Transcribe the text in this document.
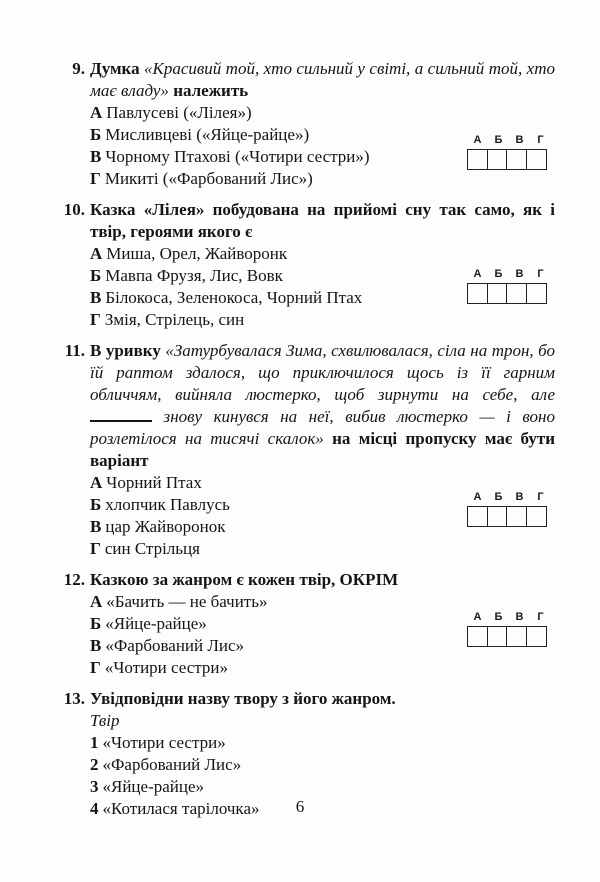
9. Думка «Красивий той, хто сильний у світі, а сильний той, хто має владу» належить

А Павлусеві («Лілея»)
Б Мисливцеві («Яйце-райце»)
В Чорному Птахові («Чотири сестри»)
Г Микиті («Фарбований Лис»)
10. Казка «Лілея» побудована на прийомі сну так само, як і твір, героями якого є

А Миша, Орел, Жайворонк
Б Мавпа Фрузя, Лис, Вовк
В Білокоса, Зеленокоса, Чорний Птах
Г Змія, Стрілець, син
11. В уривку «Затурбувалася Зима, схвилювалася, сіла на трон, бо їй раптом здалося, що приключилося щось із її гарним обличчям, вийняла люстерко, щоб зирнути на себе, але  знову кинувся на неї, вибив люстерко — і воно розлетілося на тисячі скалок» на місці пропуску має бути варіант

А Чорний Птах
Б хлопчик Павлусь
В цар Жайворонок
Г син Стрільця
12. Казкою за жанром є кожен твір, ОКРІМ

А «Бачить — не бачить»
Б «Яйце-райце»
В «Фарбований Лис»
Г «Чотири сестри»
13. Увідповідни назву твору з його жанром.

Твір

1 «Чотири сестри»
2 «Фарбований Лис»
3 «Яйце-райце»
4 «Котилася тарілочка»
А	Б	В	Г
А	Б	В	Г
А	Б	В	Г
А	Б	В	Г
6
